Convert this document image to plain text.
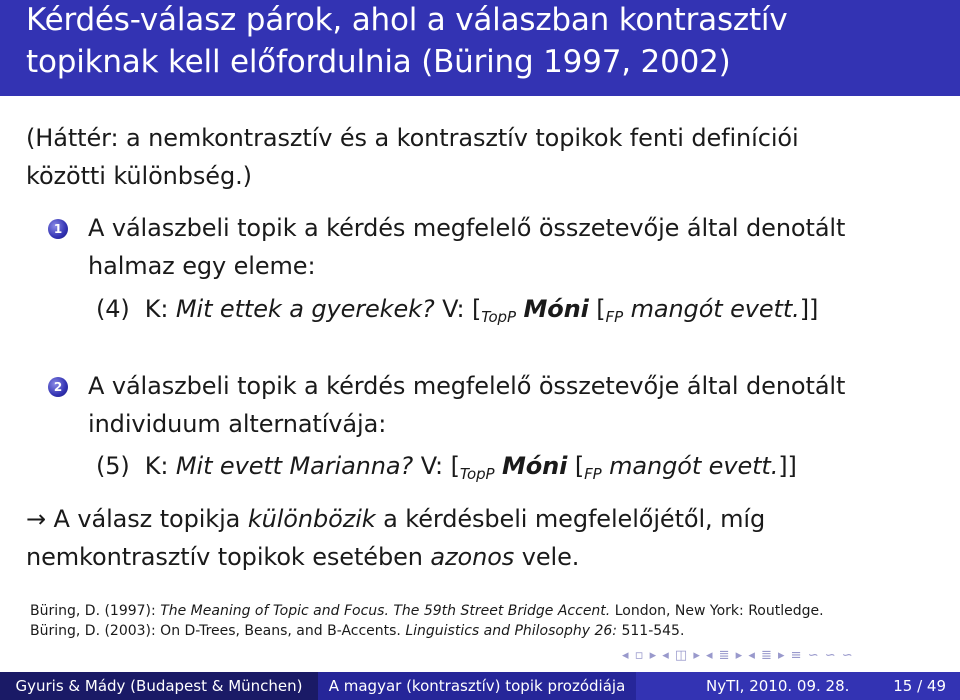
Kérdés-válasz párok, ahol a válaszban kontrasztív
topiknak kell előfordulnia (Büring 1997, 2002)
(Háttér: a nemkontrasztív és a kontrasztív topikok fenti definíciói
közötti különbség.)
1 A válaszbeli topik a kérdés megfelelő összetevője által denotált
halmaz egy eleme:
(4) K: Mit ettek a gyerekek? V: [$_{TopP}$ Móni [$_{FP}$ mangót evett.]]
2 A válaszbeli topik a kérdés megfelelő összetevője által denotált
individuum alternatívája:
(5) K: Mit evett Marianna? V: [$_{TopP}$ Móni [$_{FP}$ mangót evett.]]
→ A válasz topikja különbözik a kérdésbeli megfelelőjétől, míg
nemkontrasztív topikok esetében azonos vele.
Büring, D. (1997): The Meaning of Topic and Focus. The 59th Street Bridge Accent. London, New York: Routledge.
Büring, D. (2003): On D-Trees, Beans, and B-Accents. Linguistics and Philosophy 26: 511-545.
◂ ▫ ▸ ◂ ◫ ▸ ◂ ≣ ▸ ◂ ≣ ▸ ≡ ∽ ∽ ∽
Gyuris & Mády (Budapest & München)	A magyar (kontrasztív) topik prozódiája	NyTI, 2010. 09. 28.	15 / 49
